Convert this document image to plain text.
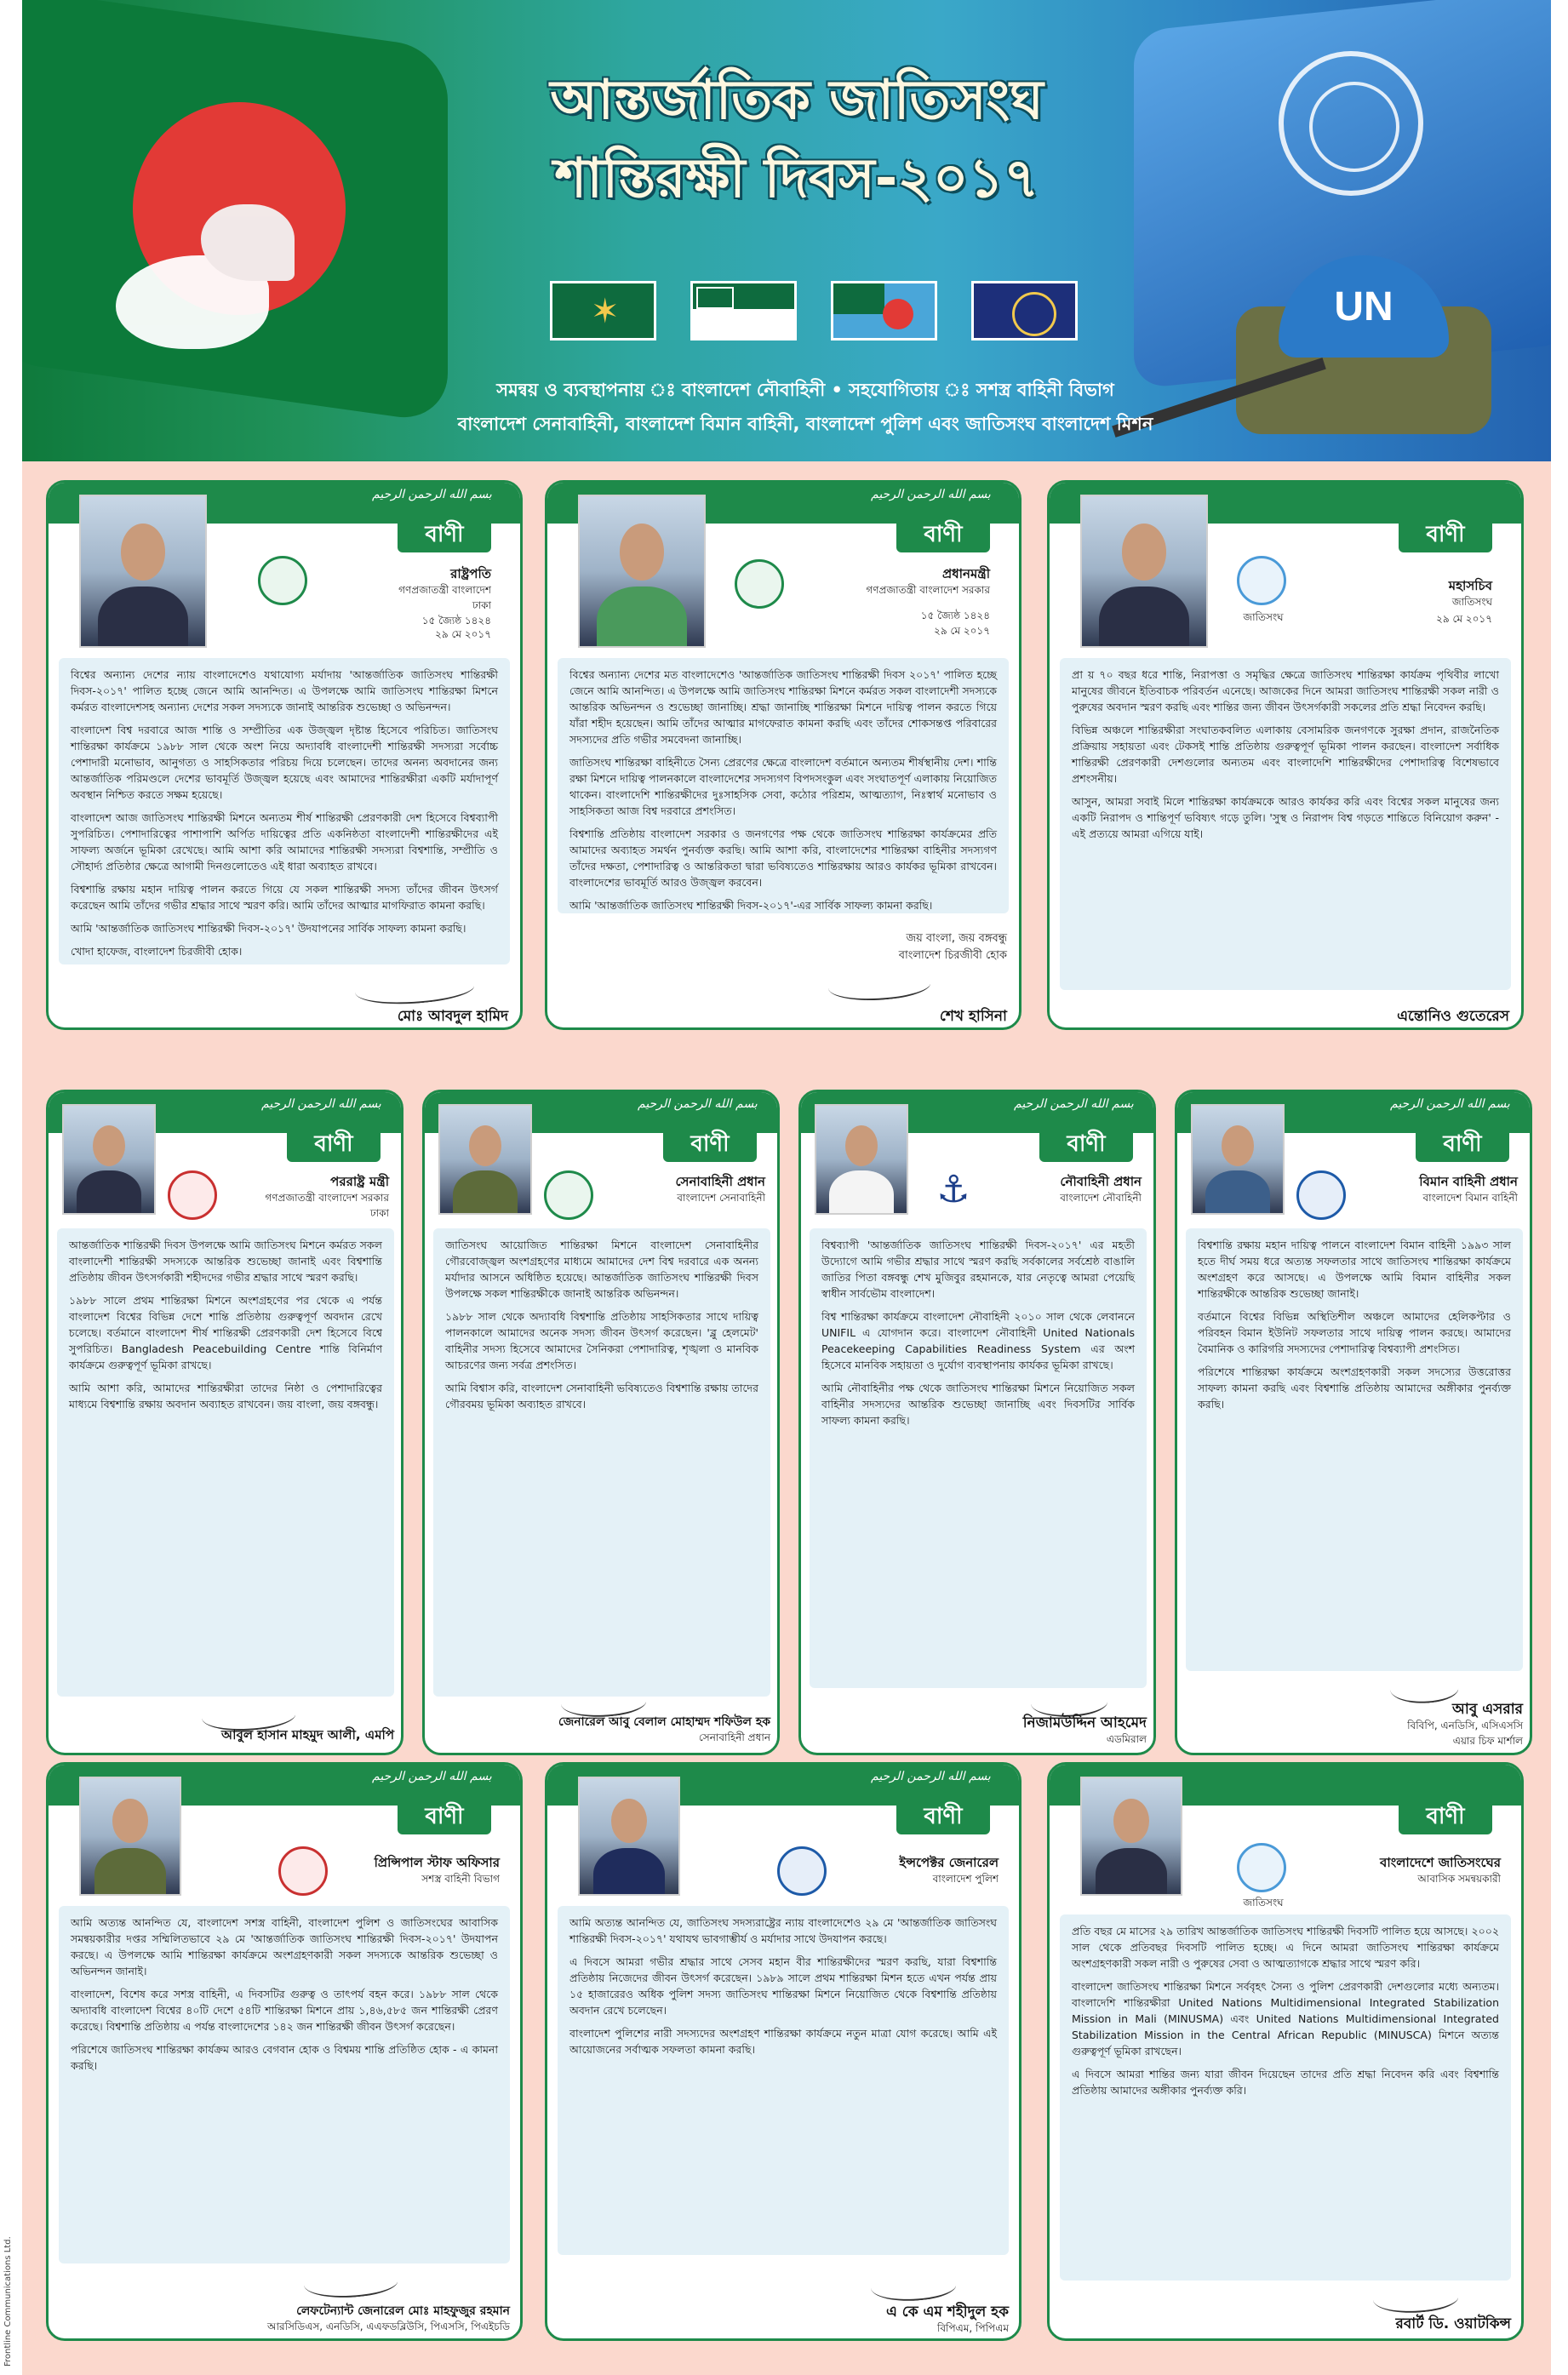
UN
আন্তর্জাতিক জাতিসংঘ
শান্তিরক্ষী দিবস-২০১৭
✶
সমন্বয় ও ব্যবস্থাপনায় ঃ বাংলাদেশ নৌবাহিনী • সহযোগিতায় ঃ সশস্ত্র বাহিনী বিভাগ
বাংলাদেশ সেনাবাহিনী, বাংলাদেশ বিমান বাহিনী, বাংলাদেশ পুলিশ এবং জাতিসংঘ বাংলাদেশ মিশন
بسم الله الرحمن الرحيم
বাণী
রাষ্ট্রপতি
গণপ্রজাতন্ত্রী বাংলাদেশ
ঢাকা
১৫ জ্যৈষ্ঠ ১৪২৪
২৯ মে ২০১৭

বিশ্বের অন্যান্য দেশের ন্যায় বাংলাদেশেও যথাযোগ্য মর্যাদায় 'আন্তর্জাতিক জাতিসংঘ শান্তিরক্ষী দিবস-২০১৭' পালিত হচ্ছে জেনে আমি আনন্দিত। এ উপলক্ষে আমি জাতিসংঘ শান্তিরক্ষা মিশনে কর্মরত বাংলাদেশসহ অন্যান্য দেশের সকল সদস্যকে জানাই আন্তরিক শুভেচ্ছা ও অভিনন্দন।

বাংলাদেশ বিশ্ব দরবারে আজ শান্তি ও সম্প্রীতির এক উজ্জ্বল দৃষ্টান্ত হিসেবে পরিচিত। জাতিসংঘ শান্তিরক্ষা কার্যক্রমে ১৯৮৮ সাল থেকে অংশ নিয়ে অদ্যাবধি বাংলাদেশী শান্তিরক্ষী সদস্যরা সর্বোচ্চ পেশাদারী মনোভাব, আনুগত্য ও সাহসিকতার পরিচয় দিয়ে চলেছেন। তাদের অনন্য অবদানের জন্য আন্তর্জাতিক পরিমণ্ডলে দেশের ভাবমূর্তি উজ্জ্বল হয়েছে এবং আমাদের শান্তিরক্ষীরা একটি মর্যাদাপূর্ণ অবস্থান নিশ্চিত করতে সক্ষম হয়েছে।

বাংলাদেশ আজ জাতিসংঘ শান্তিরক্ষী মিশনে অন্যতম শীর্ষ শান্তিরক্ষী প্রেরণকারী দেশ হিসেবে বিশ্বব্যাপী সুপরিচিত। পেশাদারিত্বের পাশাপাশি অর্পিত দায়িত্বের প্রতি একনিষ্ঠতা বাংলাদেশী শান্তিরক্ষীদের এই সাফল্য অর্জনে ভূমিকা রেখেছে। আমি আশা করি আমাদের শান্তিরক্ষী সদস্যরা বিশ্বশান্তি, সম্প্রীতি ও সৌহার্দ্য প্রতিষ্ঠার ক্ষেত্রে আগামী দিনগুলোতেও এই ধারা অব্যাহত রাখবে।

বিশ্বশান্তি রক্ষায় মহান দায়িত্ব পালন করতে গিয়ে যে সকল শান্তিরক্ষী সদস্য তাঁদের জীবন উৎসর্গ করেছেন আমি তাঁদের গভীর শ্রদ্ধার সাথে স্মরণ করি। আমি তাঁদের আত্মার মাগফিরাত কামনা করছি।

আমি 'আন্তর্জাতিক জাতিসংঘ শান্তিরক্ষী দিবস-২০১৭' উদযাপনের সার্বিক সাফল্য কামনা করছি।

খোদা হাফেজ, বাংলাদেশ চিরজীবী হোক।

মোঃ আবদুল হামিদ
بسم الله الرحمن الرحيم
বাণী
প্রধানমন্ত্রী
গণপ্রজাতন্ত্রী বাংলাদেশ সরকার
১৫ জ্যৈষ্ঠ ১৪২৪
২৯ মে ২০১৭

বিশ্বের অন্যান্য দেশের মত বাংলাদেশেও 'আন্তর্জাতিক জাতিসংঘ শান্তিরক্ষী দিবস ২০১৭' পালিত হচ্ছে জেনে আমি আনন্দিত। এ উপলক্ষে আমি জাতিসংঘ শান্তিরক্ষা মিশনে কর্মরত সকল বাংলাদেশী সদস্যকে আন্তরিক অভিনন্দন ও শুভেচ্ছা জানাচ্ছি। শ্রদ্ধা জানাচ্ছি শান্তিরক্ষা মিশনে দায়িত্ব পালন করতে গিয়ে যাঁরা শহীদ হয়েছেন। আমি তাঁদের আত্মার মাগফেরাত কামনা করছি এবং তাঁদের শোকসন্তপ্ত পরিবারের সদস্যদের প্রতি গভীর সমবেদনা জানাচ্ছি।

জাতিসংঘ শান্তিরক্ষা বাহিনীতে সৈন্য প্রেরণের ক্ষেত্রে বাংলাদেশ বর্তমানে অন্যতম শীর্ষস্থানীয় দেশ। শান্তি রক্ষা মিশনে দায়িত্ব পালনকালে বাংলাদেশের সদস্যগণ বিপদসংকুল এবং সংঘাতপূর্ণ এলাকায় নিয়োজিত থাকেন। বাংলাদেশি শান্তিরক্ষীদের দুঃসাহসিক সেবা, কঠোর পরিশ্রম, আত্মত্যাগ, নিঃস্বার্থ মনোভাব ও সাহসিকতা আজ বিশ্ব দরবারে প্রশংসিত।

বিশ্বশান্তি প্রতিষ্ঠায় বাংলাদেশ সরকার ও জনগণের পক্ষ থেকে জাতিসংঘ শান্তিরক্ষা কার্যক্রমের প্রতি আমাদের অব্যাহত সমর্থন পুনর্ব্যক্ত করছি। আমি আশা করি, বাংলাদেশের শান্তিরক্ষা বাহিনীর সদস্যগণ তাঁদের দক্ষতা, পেশাদারিত্ব ও আন্তরিকতা দ্বারা ভবিষ্যতেও শান্তিরক্ষায় আরও কার্যকর ভূমিকা রাখবেন। বাংলাদেশের ভাবমূর্তি আরও উজ্জ্বল করবেন।

আমি 'আন্তর্জাতিক জাতিসংঘ শান্তিরক্ষী দিবস-২০১৭'-এর সার্বিক সাফল্য কামনা করছি।

জয় বাংলা, জয় বঙ্গবন্ধু
বাংলাদেশ চিরজীবী হোক
শেখ হাসিনা
বাণী
জাতিসংঘ
মহাসচিব
জাতিসংঘ
২৯ মে ২০১৭

প্রা য় ৭০ বছর ধরে শান্তি, নিরাপত্তা ও সমৃদ্ধির ক্ষেত্রে জাতিসংঘ শান্তিরক্ষা কার্যক্রম পৃথিবীর লাখো মানুষের জীবনে ইতিবাচক পরিবর্তন এনেছে। আজকের দিনে আমরা জাতিসংঘ শান্তিরক্ষী সকল নারী ও পুরুষের অবদান স্মরণ করছি এবং শান্তির জন্য জীবন উৎসর্গকারী সকলের প্রতি শ্রদ্ধা নিবেদন করছি।

বিভিন্ন অঞ্চলে শান্তিরক্ষীরা সংঘাতকবলিত এলাকায় বেসামরিক জনগণকে সুরক্ষা প্রদান, রাজনৈতিক প্রক্রিয়ায় সহায়তা এবং টেকসই শান্তি প্রতিষ্ঠায় গুরুত্বপূর্ণ ভূমিকা পালন করছেন। বাংলাদেশ সর্বাধিক শান্তিরক্ষী প্রেরণকারী দেশগুলোর অন্যতম এবং বাংলাদেশি শান্তিরক্ষীদের পেশাদারিত্ব বিশেষভাবে প্রশংসনীয়।

আসুন, আমরা সবাই মিলে শান্তিরক্ষা কার্যক্রমকে আরও কার্যকর করি এবং বিশ্বের সকল মানুষের জন্য একটি নিরাপদ ও শান্তিপূর্ণ ভবিষ্যৎ গড়ে তুলি। 'সুস্থ ও নিরাপদ বিশ্ব গড়তে শান্তিতে বিনিয়োগ করুন' - এই প্রত্যয়ে আমরা এগিয়ে যাই।

এন্তোনিও গুতেরেস
بسم الله الرحمن الرحيم
বাণী
পররাষ্ট্র মন্ত্রী
গণপ্রজাতন্ত্রী বাংলাদেশ সরকার
ঢাকা

আন্তর্জাতিক শান্তিরক্ষী দিবস উপলক্ষে আমি জাতিসংঘ মিশনে কর্মরত সকল বাংলাদেশী শান্তিরক্ষী সদস্যকে আন্তরিক শুভেচ্ছা জানাই এবং বিশ্বশান্তি প্রতিষ্ঠায় জীবন উৎসর্গকারী শহীদদের গভীর শ্রদ্ধার সাথে স্মরণ করছি।

১৯৮৮ সালে প্রথম শান্তিরক্ষা মিশনে অংশগ্রহণের পর থেকে এ পর্যন্ত বাংলাদেশ বিশ্বের বিভিন্ন দেশে শান্তি প্রতিষ্ঠায় গুরুত্বপূর্ণ অবদান রেখে চলেছে। বর্তমানে বাংলাদেশ শীর্ষ শান্তিরক্ষী প্রেরণকারী দেশ হিসেবে বিশ্বে সুপরিচিত। Bangladesh Peacebuilding Centre শান্তি বিনির্মাণ কার্যক্রমে গুরুত্বপূর্ণ ভূমিকা রাখছে।

আমি আশা করি, আমাদের শান্তিরক্ষীরা তাদের নিষ্ঠা ও পেশাদারিত্বের মাধ্যমে বিশ্বশান্তি রক্ষায় অবদান অব্যাহত রাখবেন। জয় বাংলা, জয় বঙ্গবন্ধু।

আবুল হাসান মাহমুদ আলী, এমপি
بسم الله الرحمن الرحيم
বাণী
সেনাবাহিনী প্রধান
বাংলাদেশ সেনাবাহিনী

জাতিসংঘ আয়োজিত শান্তিরক্ষা মিশনে বাংলাদেশ সেনাবাহিনীর গৌরবোজ্জ্বল অংশগ্রহণের মাধ্যমে আমাদের দেশ বিশ্ব দরবারে এক অনন্য মর্যাদার আসনে অধিষ্ঠিত হয়েছে। আন্তর্জাতিক জাতিসংঘ শান্তিরক্ষী দিবস উপলক্ষে সকল শান্তিরক্ষীকে জানাই আন্তরিক অভিনন্দন।

১৯৮৮ সাল থেকে অদ্যাবধি বিশ্বশান্তি প্রতিষ্ঠায় সাহসিকতার সাথে দায়িত্ব পালনকালে আমাদের অনেক সদস্য জীবন উৎসর্গ করেছেন। 'ব্লু হেলমেট' বাহিনীর সদস্য হিসেবে আমাদের সৈনিকরা পেশাদারিত্ব, শৃঙ্খলা ও মানবিক আচরণের জন্য সর্বত্র প্রশংসিত।

আমি বিশ্বাস করি, বাংলাদেশ সেনাবাহিনী ভবিষ্যতেও বিশ্বশান্তি রক্ষায় তাদের গৌরবময় ভূমিকা অব্যাহত রাখবে।

জেনারেল আবু বেলাল মোহাম্মদ শফিউল হক
সেনাবাহিনী প্রধান
بسم الله الرحمن الرحيم
বাণী
⚓	নৌবাহিনী প্রধান
বাংলাদেশ নৌবাহিনী

বিশ্বব্যাপী 'আন্তর্জাতিক জাতিসংঘ শান্তিরক্ষী দিবস-২০১৭' এর মহতী উদ্যোগে আমি গভীর শ্রদ্ধার সাথে স্মরণ করছি সর্বকালের সর্বশ্রেষ্ঠ বাঙালি জাতির পিতা বঙ্গবন্ধু শেখ মুজিবুর রহমানকে, যার নেতৃত্বে আমরা পেয়েছি স্বাধীন সার্বভৌম বাংলাদেশ।

বিশ্ব শান্তিরক্ষা কার্যক্রমে বাংলাদেশ নৌবাহিনী ২০১০ সাল থেকে লেবাননে UNIFIL এ যোগদান করে। বাংলাদেশ নৌবাহিনী United Nationals Peacekeeping Capabilities Readiness System এর অংশ হিসেবে মানবিক সহায়তা ও দুর্যোগ ব্যবস্থাপনায় কার্যকর ভূমিকা রাখছে।

আমি নৌবাহিনীর পক্ষ থেকে জাতিসংঘ শান্তিরক্ষা মিশনে নিয়োজিত সকল বাহিনীর সদস্যদের আন্তরিক শুভেচ্ছা জানাচ্ছি এবং দিবসটির সার্বিক সাফল্য কামনা করছি।

নিজামউদ্দিন আহমেদ
এডমিরাল
بسم الله الرحمن الرحيم
বাণী
বিমান বাহিনী প্রধান
বাংলাদেশ বিমান বাহিনী

বিশ্বশান্তি রক্ষায় মহান দায়িত্ব পালনে বাংলাদেশ বিমান বাহিনী ১৯৯৩ সাল হতে দীর্ঘ সময় ধরে অত্যন্ত সফলতার সাথে জাতিসংঘ শান্তিরক্ষা কার্যক্রমে অংশগ্রহণ করে আসছে। এ উপলক্ষে আমি বিমান বাহিনীর সকল শান্তিরক্ষীকে আন্তরিক শুভেচ্ছা জানাই।

বর্তমানে বিশ্বের বিভিন্ন অস্থিতিশীল অঞ্চলে আমাদের হেলিকপ্টার ও পরিবহন বিমান ইউনিট সফলতার সাথে দায়িত্ব পালন করছে। আমাদের বৈমানিক ও কারিগরি সদস্যদের পেশাদারিত্ব বিশ্বব্যাপী প্রশংসিত।

পরিশেষে শান্তিরক্ষা কার্যক্রমে অংশগ্রহণকারী সকল সদস্যের উত্তরোত্তর সাফল্য কামনা করছি এবং বিশ্বশান্তি প্রতিষ্ঠায় আমাদের অঙ্গীকার পুনর্ব্যক্ত করছি।

আবু এসরার
বিবিপি, এনডিসি, এসিএসসি
এয়ার চিফ মার্শাল
بسم الله الرحمن الرحيم
বাণী
প্রিন্সিপাল স্টাফ অফিসার
সশস্ত্র বাহিনী বিভাগ

আমি অত্যন্ত আনন্দিত যে, বাংলাদেশ সশস্ত্র বাহিনী, বাংলাদেশ পুলিশ ও জাতিসংঘের আবাসিক সমন্বয়কারীর দপ্তর সম্মিলিতভাবে ২৯ মে 'আন্তর্জাতিক জাতিসংঘ শান্তিরক্ষী দিবস-২০১৭' উদযাপন করছে। এ উপলক্ষে আমি শান্তিরক্ষা কার্যক্রমে অংশগ্রহণকারী সকল সদস্যকে আন্তরিক শুভেচ্ছা ও অভিনন্দন জানাই।

বাংলাদেশ, বিশেষ করে সশস্ত্র বাহিনী, এ দিবসটির গুরুত্ব ও তাৎপর্য বহন করে। ১৯৮৮ সাল থেকে অদ্যাবধি বাংলাদেশ বিশ্বের ৪০টি দেশে ৫৪টি শান্তিরক্ষা মিশনে প্রায় ১,৪৬,৫৮৫ জন শান্তিরক্ষী প্রেরণ করেছে। বিশ্বশান্তি প্রতিষ্ঠায় এ পর্যন্ত বাংলাদেশের ১৪২ জন শান্তিরক্ষী জীবন উৎসর্গ করেছেন।

পরিশেষে জাতিসংঘ শান্তিরক্ষা কার্যক্রম আরও বেগবান হোক ও বিশ্বময় শান্তি প্রতিষ্ঠিত হোক - এ কামনা করছি।

লেফটেন্যান্ট জেনারেল মোঃ মাহফুজুর রহমান
আরসিডিএস, এনডিসি, এএফডব্লিউসি, পিএসসি, পিএইচডি
بسم الله الرحمن الرحيم
বাণী
ইন্সপেক্টর জেনারেল
বাংলাদেশ পুলিশ

আমি অত্যন্ত আনন্দিত যে, জাতিসংঘ সদস্যরাষ্ট্রের ন্যায় বাংলাদেশেও ২৯ মে 'আন্তর্জাতিক জাতিসংঘ শান্তিরক্ষী দিবস-২০১৭' যথাযথ ভাবগাম্ভীর্য ও মর্যাদার সাথে উদযাপন করছে।

এ দিবসে আমরা গভীর শ্রদ্ধার সাথে সেসব মহান বীর শান্তিরক্ষীদের স্মরণ করছি, যারা বিশ্বশান্তি প্রতিষ্ঠায় নিজেদের জীবন উৎসর্গ করেছেন। ১৯৮৯ সালে প্রথম শান্তিরক্ষা মিশন হতে এখন পর্যন্ত প্রায় ১৫ হাজারেরও অধিক পুলিশ সদস্য জাতিসংঘ শান্তিরক্ষা মিশনে নিয়োজিত থেকে বিশ্বশান্তি প্রতিষ্ঠায় অবদান রেখে চলেছেন।

বাংলাদেশ পুলিশের নারী সদস্যদের অংশগ্রহণ শান্তিরক্ষা কার্যক্রমে নতুন মাত্রা যোগ করেছে। আমি এই আয়োজনের সর্বাত্মক সফলতা কামনা করছি।

এ কে এম শহীদুল হক
বিপিএম, পিপিএম
বাণী
জাতিসংঘ
বাংলাদেশে জাতিসংঘের
আবাসিক সমন্বয়কারী

প্রতি বছর মে মাসের ২৯ তারিখ আন্তর্জাতিক জাতিসংঘ শান্তিরক্ষী দিবসটি পালিত হয়ে আসছে। ২০০২ সাল থেকে প্রতিবছর দিবসটি পালিত হচ্ছে। এ দিনে আমরা জাতিসংঘ শান্তিরক্ষা কার্যক্রমে অংশগ্রহণকারী সকল নারী ও পুরুষের সেবা ও আত্মত্যাগকে শ্রদ্ধার সাথে স্মরণ করি।

বাংলাদেশ জাতিসংঘ শান্তিরক্ষা মিশনে সর্ববৃহৎ সৈন্য ও পুলিশ প্রেরণকারী দেশগুলোর মধ্যে অন্যতম। বাংলাদেশি শান্তিরক্ষীরা United Nations Multidimensional Integrated Stabilization Mission in Mali (MINUSMA) এবং United Nations Multidimensional Integrated Stabilization Mission in the Central African Republic (MINUSCA) মিশনে অত্যন্ত গুরুত্বপূর্ণ ভূমিকা রাখছেন।

এ দিবসে আমরা শান্তির জন্য যারা জীবন দিয়েছেন তাদের প্রতি শ্রদ্ধা নিবেদন করি এবং বিশ্বশান্তি প্রতিষ্ঠায় আমাদের অঙ্গীকার পুনর্ব্যক্ত করি।

রবার্ট ডি. ওয়াটকিন্স
Frontline Communications Ltd.
